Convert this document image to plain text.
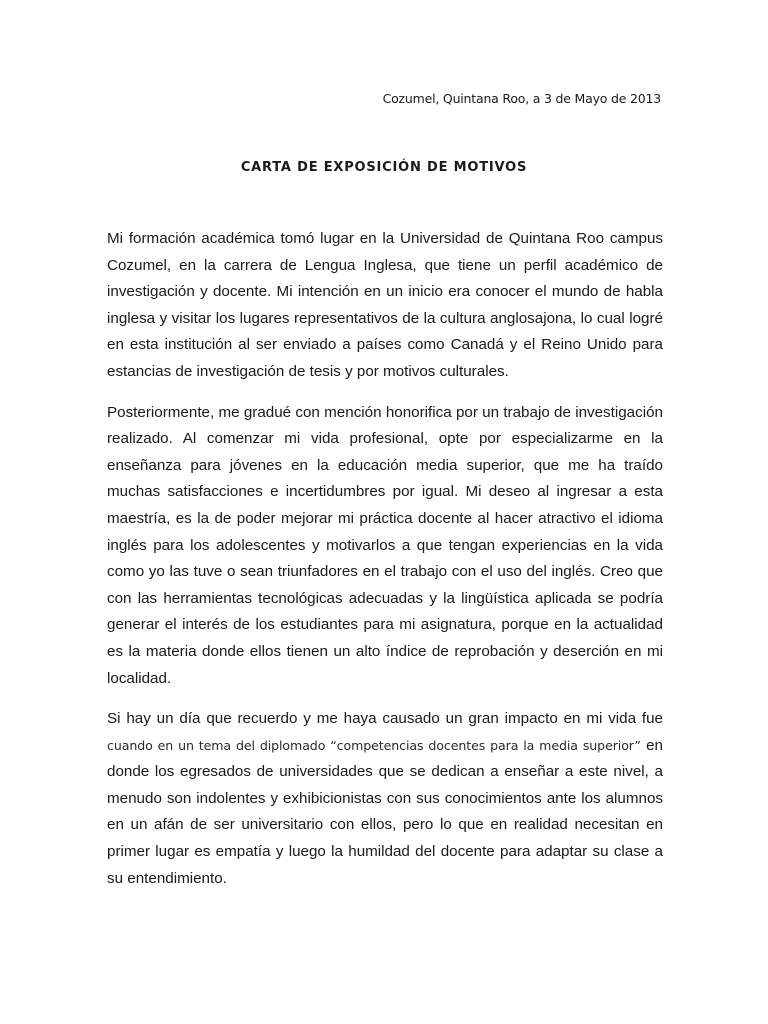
Cozumel, Quintana Roo, a 3 de Mayo de 2013
CARTA DE EXPOSICIÓN DE MOTIVOS

Mi formación académica tomó lugar en la Universidad de Quintana Roo campus Cozumel, en la carrera de Lengua Inglesa, que tiene un perfil académico de investigación y docente. Mi intención en un inicio era conocer el mundo de habla inglesa y visitar los lugares representativos de la cultura anglosajona, lo cual logré en esta institución al ser enviado a países como Canadá y el Reino Unido para estancias de investigación de tesis y por motivos culturales.

Posteriormente, me gradué con mención honorifica por un trabajo de investigación realizado. Al comenzar mi vida profesional, opte por especializarme en la enseñanza para jóvenes en la educación media superior, que me ha traído muchas satisfacciones e incertidumbres por igual. Mi deseo al ingresar a esta maestría, es la de poder mejorar mi práctica docente al hacer atractivo el idioma inglés para los adolescentes y motivarlos a que tengan experiencias en la vida como yo las tuve o sean triunfadores en el trabajo con el uso del inglés. Creo que con las herramientas tecnológicas adecuadas y la lingüística aplicada se podría generar el interés de los estudiantes para mi asignatura, porque en la actualidad es la materia donde ellos tienen un alto índice de reprobación y deserción en mi localidad.

Si hay un día que recuerdo y me haya causado un gran impacto en mi vida fue cuando en un tema del diplomado “competencias docentes para la media superior” en donde los egresados de universidades que se dedican a enseñar a este nivel, a menudo son indolentes y exhibicionistas con sus conocimientos ante los alumnos en un afán de ser universitario con ellos, pero lo que en realidad necesitan en primer lugar es empatía y luego la humildad del docente para adaptar su clase a su entendimiento.
